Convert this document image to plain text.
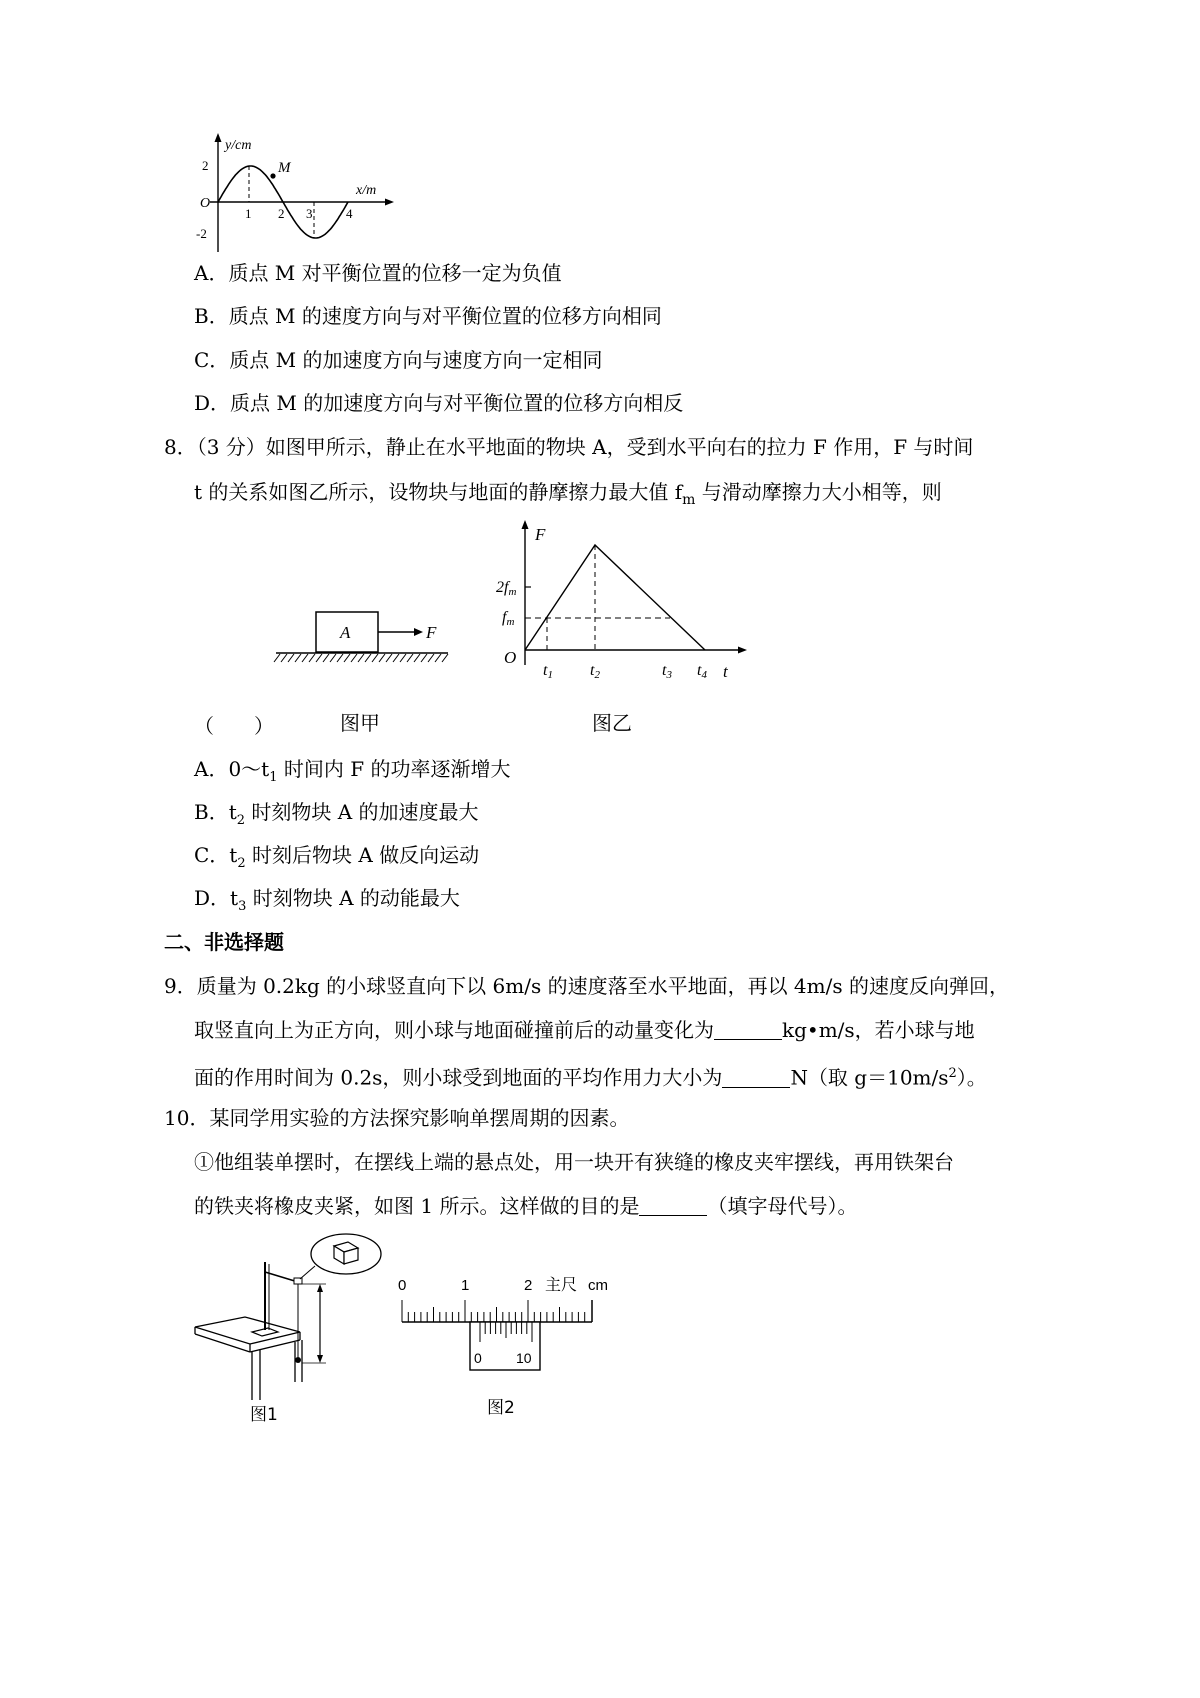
M
y/cm
x/m
O
2
-2
1 2 3	4
A．质点 M 对平衡位置的位移一定为负值
B．质点 M 的速度方向与对平衡位置的位移方向相同
C．质点 M 的加速度方向与速度方向一定相同
D．质点 M 的加速度方向与对平衡位置的位移方向相反
8．（3 分）如图甲所示，静止在水平地面的物块 A，受到水平向右的拉力 F 作用，F 与时间
t 的关系如图乙所示，设物块与地面的静摩擦力最大值 $f_m$ 与滑动摩擦力大小相等，则
A	F
F
t
O
2fm
fm
t1 t2	t3 t4
（　　）	图甲	图乙
A．$0\sim t_1$ 时间内 F 的功率逐渐增大
B．$t_2$ 时刻物块 A 的加速度最大
C．$t_2$ 时刻后物块 A 做反向运动
D．$t_3$ 时刻物块 A 的动能最大
二、非选择题
9．质量为 0.2kg 的小球竖直向下以 6m/s 的速度落至水平地面，再以 4m/s 的速度反向弹回，
取竖直向上为正方向，则小球与地面碰撞前后的动量变化为	kg•m/s，若小球与地
面的作用时间为 0.2s，则小球受到地面的平均作用力大小为	N（取 $g=10m/s^2$）。
10．某同学用实验的方法探究影响单摆周期的因素。
①他组装单摆时，在摆线上端的悬点处，用一块开有狭缝的橡皮夹牢摆线，再用铁架台
的铁夹将橡皮夹紧，如图 1 所示。这样做的目的是	（填字母代号）。
图1
0	1	2 主尺 cm
0 10
图2
